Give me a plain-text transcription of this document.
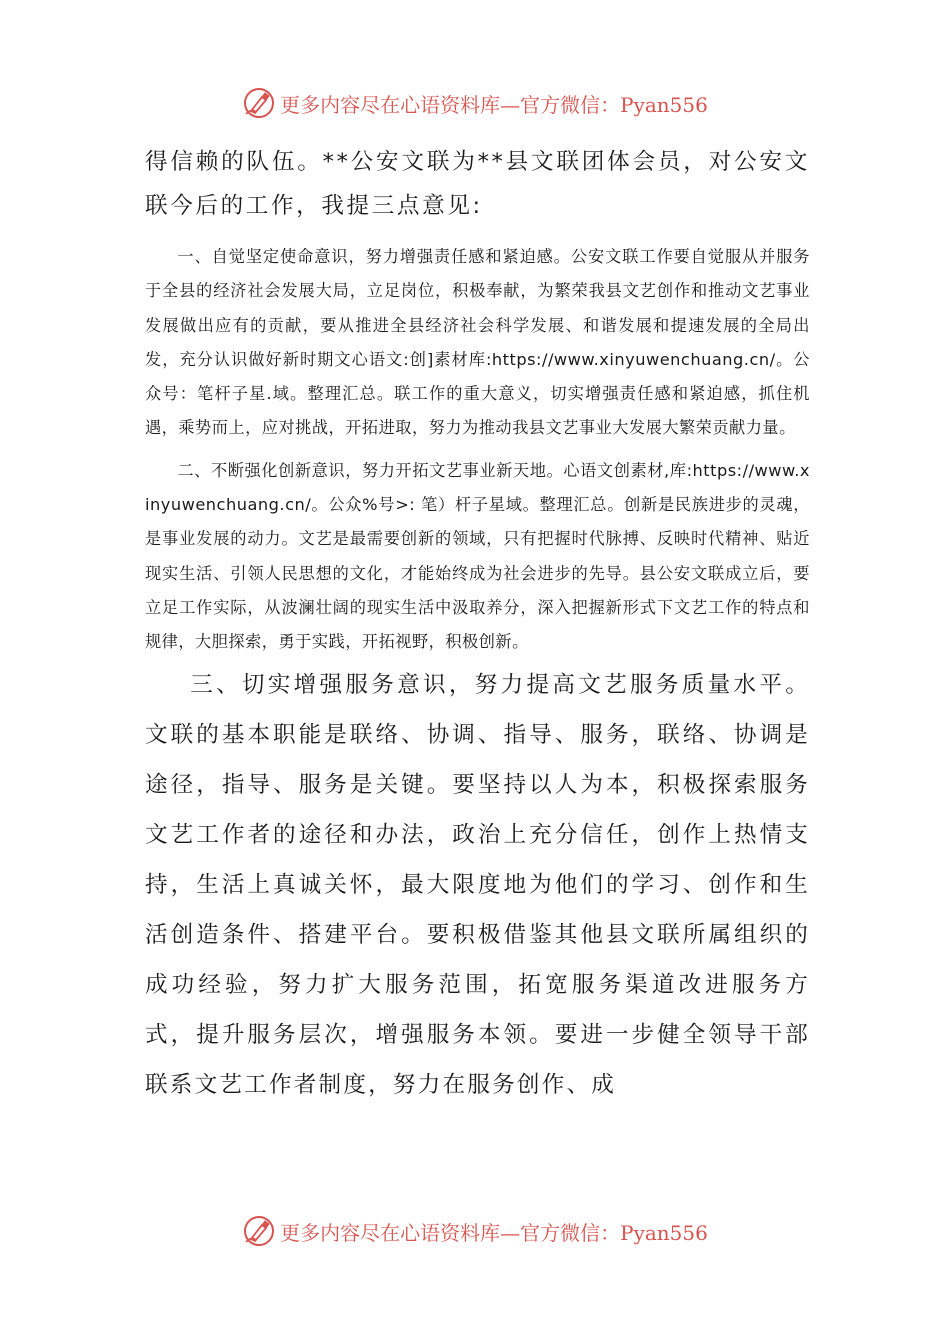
更多内容尽在心语资料库—官方微信：Pyan556

得信赖的队伍。**公安文联为**县文联团体会员，对公安文联今后的工作，我提三点意见:

一、自觉坚定使命意识，努力增强责任感和紧迫感。公安文联工作要自觉服从并服务于全县的经济社会发展大局，立足岗位，积极奉献，为繁荣我县文艺创作和推动文艺事业发展做出应有的贡献，要从推进全县经济社会科学发展、和谐发展和提速发展的全局出发，充分认识做好新时期文心语文:创]素材库:https://www.xinyuwenchuang.cn/。公众号：笔杆子星.域。整理汇总。联工作的重大意义，切实增强责任感和紧迫感，抓住机遇，乘势而上，应对挑战，开拓进取，努力为推动我县文艺事业大发展大繁荣贡献力量。

二、不断强化创新意识，努力开拓文艺事业新天地。心语文创素材,库:https://www.xinyuwenchuang.cn/。公众%号>: 笔）杆子星域。整理汇总。创新是民族进步的灵魂，是事业发展的动力。文艺是最需要创新的领域，只有把握时代脉搏、反映时代精神、贴近现实生活、引领人民思想的文化，才能始终成为社会进步的先导。县公安文联成立后，要立足工作实际，从波澜壮阔的现实生活中汲取养分，深入把握新形式下文艺工作的特点和规律，大胆探索，勇于实践，开拓视野，积极创新。

三、切实增强服务意识，努力提高文艺服务质量水平。文联的基本职能是联络、协调、指导、服务，联络、协调是途径，指导、服务是关键。要坚持以人为本，积极探索服务文艺工作者的途径和办法，政治上充分信任，创作上热情支持，生活上真诚关怀，最大限度地为他们的学习、创作和生活创造条件、搭建平台。要积极借鉴其他县文联所属组织的成功经验，努力扩大服务范围，拓宽服务渠道改进服务方式，提升服务层次，增强服务本领。要进一步健全领导干部联系文艺工作者制度，努力在服务创作、成

更多内容尽在心语资料库—官方微信：Pyan556
